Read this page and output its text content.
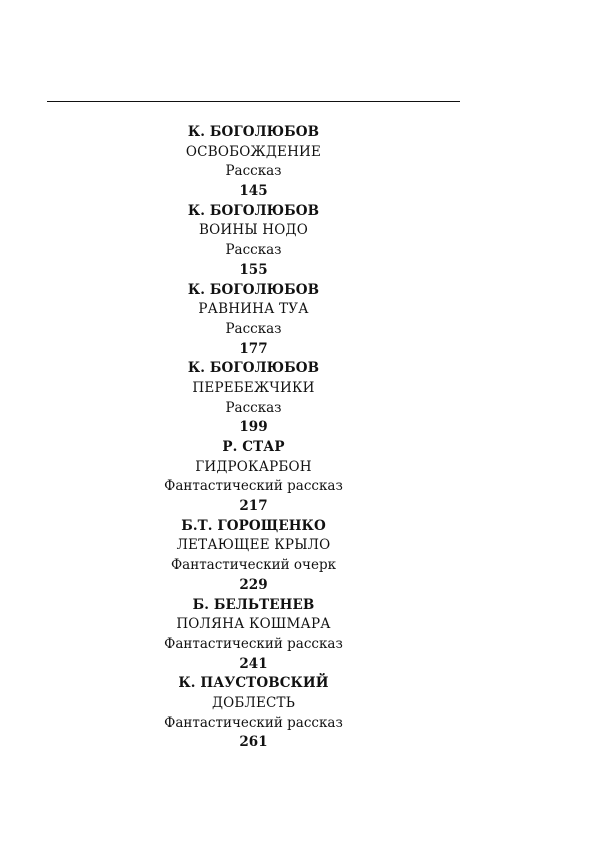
К. БОГОЛЮБОВ
ОСВОБОЖДЕНИЕ
Рассказ
145
К. БОГОЛЮБОВ
ВОИНЫ НОДО
Рассказ
155
К. БОГОЛЮБОВ
РАВНИНА ТУА
Рассказ
177
К. БОГОЛЮБОВ
ПЕРЕБЕЖЧИКИ
Рассказ
199
Р. СТАР
ГИДРОКАРБОН
Фантастический рассказ
217
Б.Т. ГОРОЩЕНКО
ЛЕТАЮЩЕЕ КРЫЛО
Фантастический очерк
229
Б. БЕЛЬТЕНЕВ
ПОЛЯНА КОШМАРА
Фантастический рассказ
241
К. ПАУСТОВСКИЙ
ДОБЛЕСТЬ
Фантастический рассказ
261
